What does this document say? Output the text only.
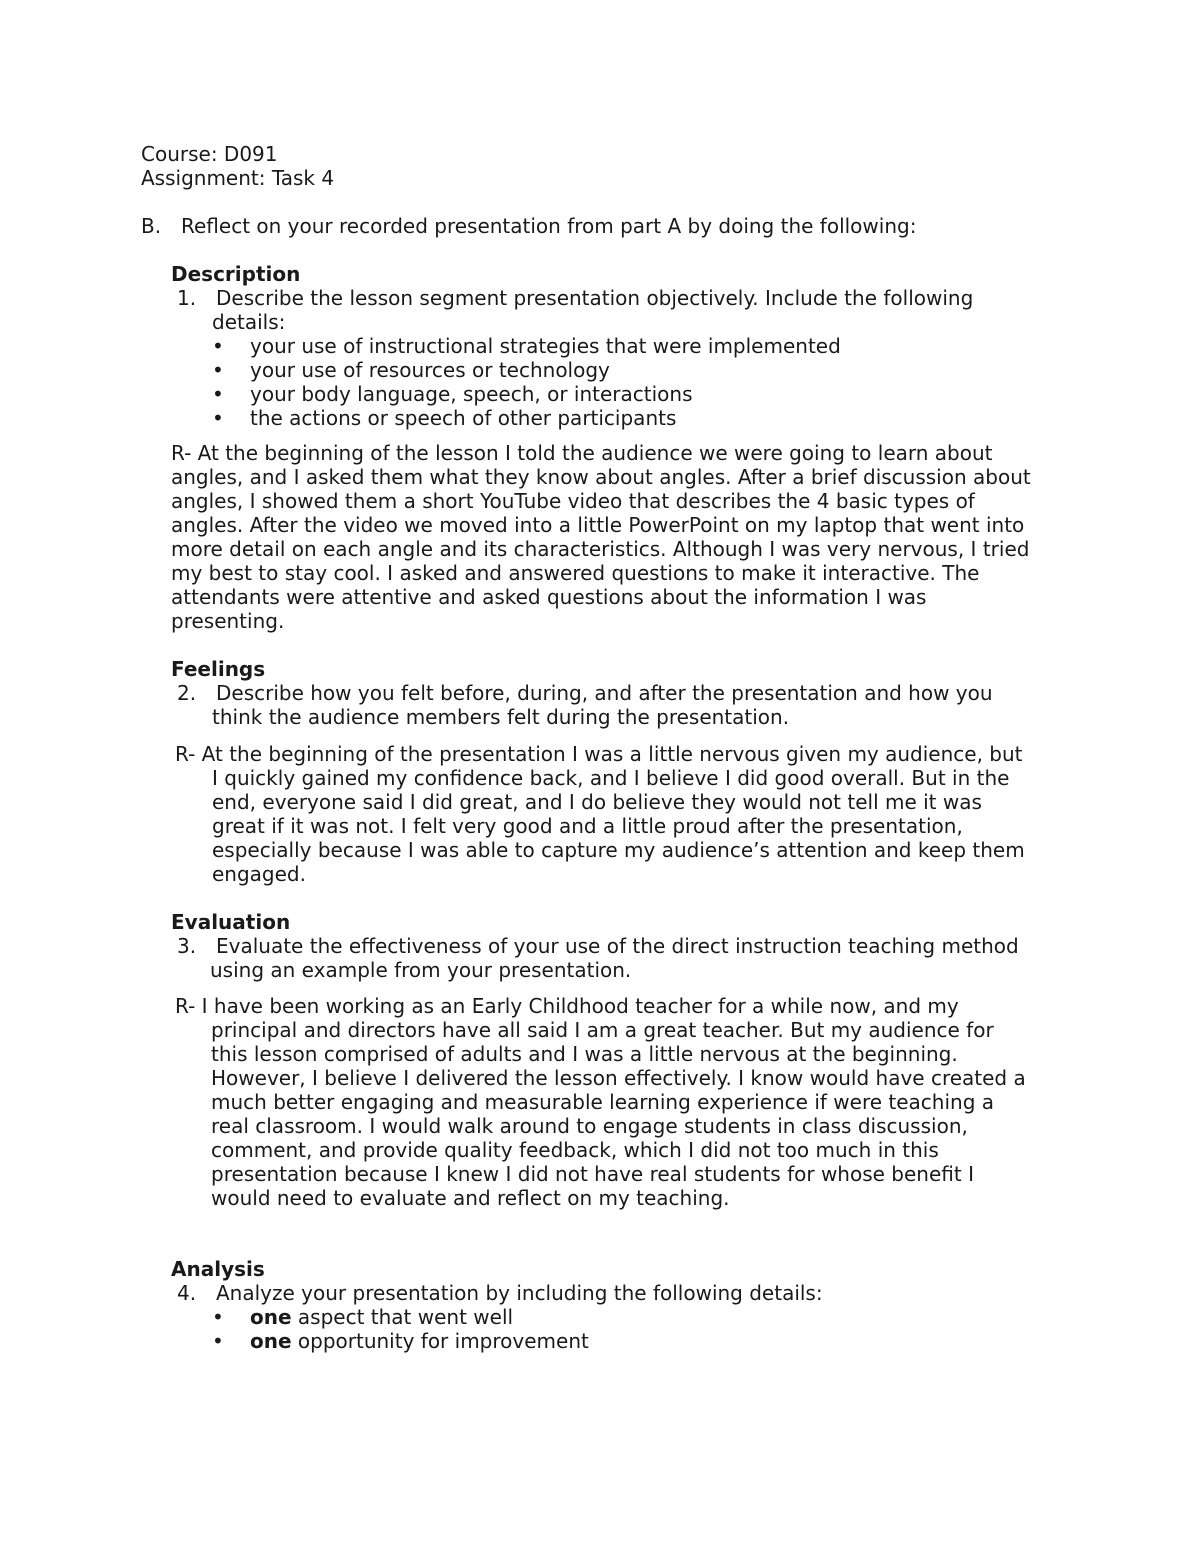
Course: D091
Assignment: Task 4
B. Reflect on your recorded presentation from part A by doing the following:
Description
1. Describe the lesson segment presentation objectively. Include the following
details:
• your use of instructional strategies that were implemented
• your use of resources or technology
• your body language, speech, or interactions
• the actions or speech of other participants
R- At the beginning of the lesson I told the audience we were going to learn about
angles, and I asked them what they know about angles. After a brief discussion about
angles, I showed them a short YouTube video that describes the 4 basic types of
angles. After the video we moved into a little PowerPoint on my laptop that went into
more detail on each angle and its characteristics. Although I was very nervous, I tried
my best to stay cool. I asked and answered questions to make it interactive. The
attendants were attentive and asked questions about the information I was
presenting.
Feelings
2. Describe how you felt before, during, and after the presentation and how you
think the audience members felt during the presentation.
R- At the beginning of the presentation I was a little nervous given my audience, but
I quickly gained my confidence back, and I believe I did good overall. But in the
end, everyone said I did great, and I do believe they would not tell me it was
great if it was not. I felt very good and a little proud after the presentation,
especially because I was able to capture my audience’s attention and keep them
engaged.
Evaluation
3. Evaluate the effectiveness of your use of the direct instruction teaching method
using an example from your presentation.
R- I have been working as an Early Childhood teacher for a while now, and my
principal and directors have all said I am a great teacher. But my audience for
this lesson comprised of adults and I was a little nervous at the beginning.
However, I believe I delivered the lesson effectively. I know would have created a
much better engaging and measurable learning experience if were teaching a
real classroom. I would walk around to engage students in class discussion,
comment, and provide quality feedback, which I did not too much in this
presentation because I knew I did not have real students for whose benefit I
would need to evaluate and reflect on my teaching.
Analysis
4. Analyze your presentation by including the following details:
• one aspect that went well
• one opportunity for improvement
